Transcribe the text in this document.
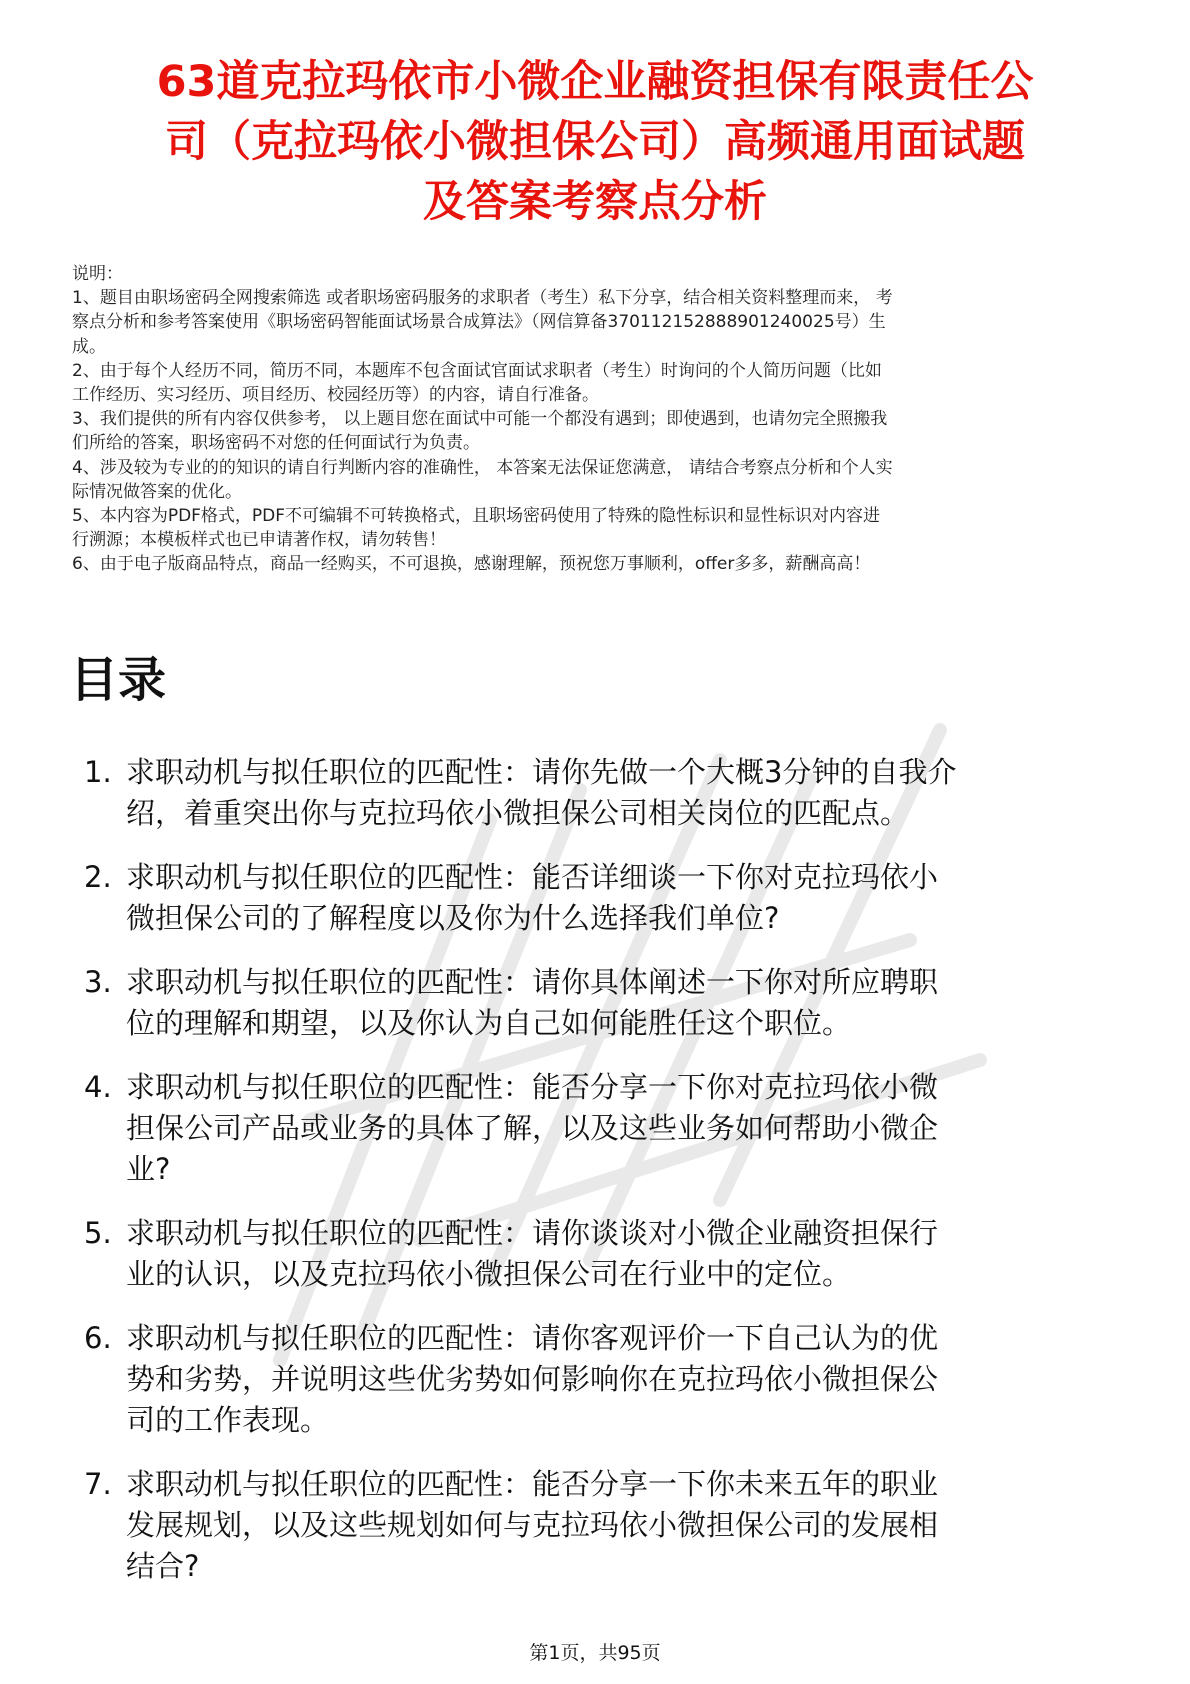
63道克拉玛依市小微企业融资担保有限责任公
司（克拉玛依小微担保公司）高频通用面试题
及答案考察点分析
说明：
1、题目由职场密码全网搜索筛选 或者职场密码服务的求职者（考生）私下分享，结合相关资料整理而来， 考
察点分析和参考答案使用《职场密码智能面试场景合成算法》（网信算备370112152888901240025号）生
成。
2、由于每个人经历不同，简历不同，本题库不包含面试官面试求职者（考生）时询问的个人简历问题（比如
工作经历、实习经历、项目经历、校园经历等）的内容，请自行准备。
3、我们提供的所有内容仅供参考， 以上题目您在面试中可能一个都没有遇到；即使遇到，也请勿完全照搬我
们所给的答案，职场密码不对您的任何面试行为负责。
4、涉及较为专业的的知识的请自行判断内容的准确性， 本答案无法保证您满意， 请结合考察点分析和个人实
际情况做答案的优化。
5、本内容为PDF格式，PDF不可编辑不可转换格式，且职场密码使用了特殊的隐性标识和显性标识对内容进
行溯源；本模板样式也已申请著作权，请勿转售！
6、由于电子版商品特点，商品一经购买，不可退换，感谢理解，预祝您万事顺利，offer多多，薪酬高高！
目录
1. 求职动机与拟任职位的匹配性：请你先做一个大概3分钟的自我介
绍，着重突出你与克拉玛依小微担保公司相关岗位的匹配点。
2. 求职动机与拟任职位的匹配性：能否详细谈一下你对克拉玛依小
微担保公司的了解程度以及你为什么选择我们单位?
3. 求职动机与拟任职位的匹配性：请你具体阐述一下你对所应聘职
位的理解和期望，以及你认为自己如何能胜任这个职位。
4. 求职动机与拟任职位的匹配性：能否分享一下你对克拉玛依小微
担保公司产品或业务的具体了解，以及这些业务如何帮助小微企
业?
5. 求职动机与拟任职位的匹配性：请你谈谈对小微企业融资担保行
业的认识，以及克拉玛依小微担保公司在行业中的定位。
6. 求职动机与拟任职位的匹配性：请你客观评价一下自己认为的优
势和劣势，并说明这些优劣势如何影响你在克拉玛依小微担保公
司的工作表现。
7. 求职动机与拟任职位的匹配性：能否分享一下你未来五年的职业
发展规划，以及这些规划如何与克拉玛依小微担保公司的发展相
结合?
第1页，共95页
